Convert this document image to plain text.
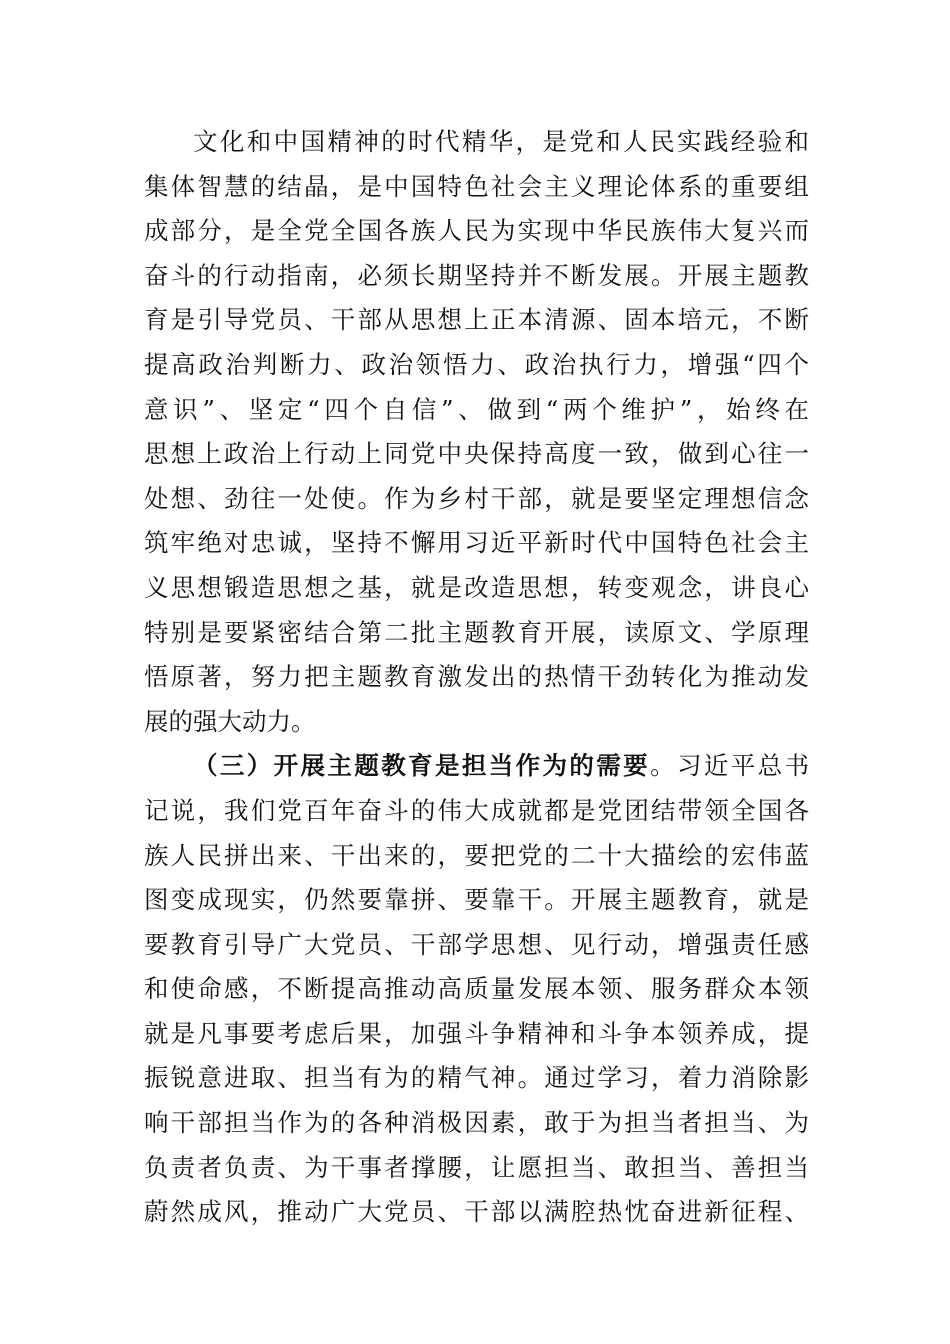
文化和中国精神的时代精华，是党和人民实践经验和
集体智慧的结晶，是中国特色社会主义理论体系的重要组
成部分，是全党全国各族人民为实现中华民族伟大复兴而
奋斗的行动指南，必须长期坚持并不断发展。开展主题教
育是引导党员、干部从思想上正本清源、固本培元，不断
提高政治判断力、政治领悟力、政治执行力，增强“四个
意识”、坚定“四个自信”、做到“两个维护”，始终在
思想上政治上行动上同党中央保持高度一致，做到心往一
处想、劲往一处使。作为乡村干部，就是要坚定理想信念
筑牢绝对忠诚，坚持不懈用习近平新时代中国特色社会主
义思想锻造思想之基，就是改造思想，转变观念，讲良心
特别是要紧密结合第二批主题教育开展，读原文、学原理
悟原著，努力把主题教育激发出的热情干劲转化为推动发
展的强大动力。
（三）开展主题教育是担当作为的需要。习近平总书
记说，我们党百年奋斗的伟大成就都是党团结带领全国各
族人民拼出来、干出来的，要把党的二十大描绘的宏伟蓝
图变成现实，仍然要靠拼、要靠干。开展主题教育，就是
要教育引导广大党员、干部学思想、见行动，增强责任感
和使命感，不断提高推动高质量发展本领、服务群众本领
就是凡事要考虑后果，加强斗争精神和斗争本领养成，提
振锐意进取、担当有为的精气神。通过学习，着力消除影
响干部担当作为的各种消极因素，敢于为担当者担当、为
负责者负责、为干事者撑腰，让愿担当、敢担当、善担当
蔚然成风，推动广大党员、干部以满腔热忱奋进新征程、
